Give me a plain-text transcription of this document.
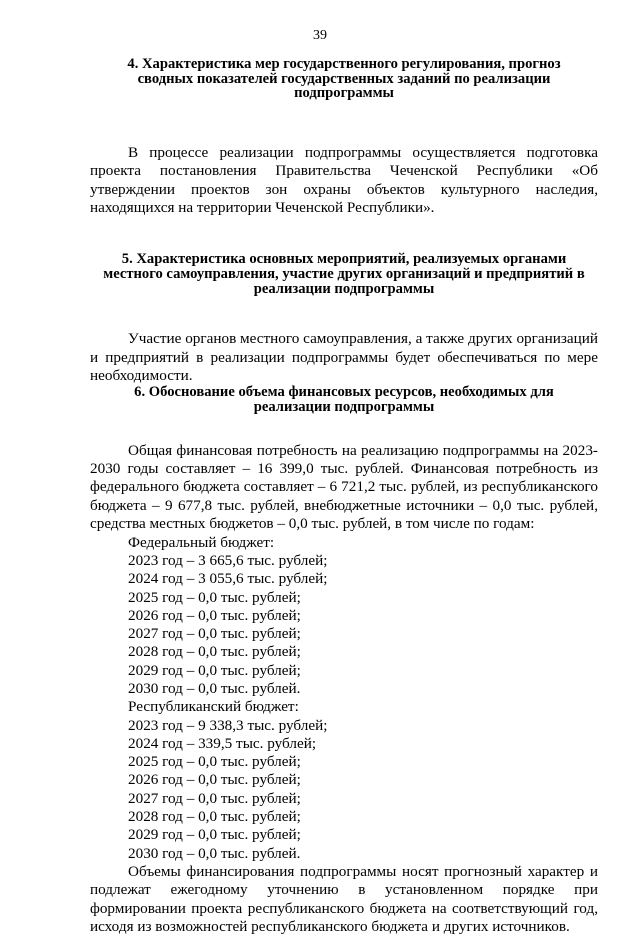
39
4. Характеристика мер государственного регулирования, прогноз сводных показателей государственных заданий по реализации подпрограммы

В процессе реализации подпрограммы осуществляется подготовка проекта постановления Правительства Чеченской Республики «Об утверждении проектов зон охраны объектов культурного наследия, находящихся на территории Чеченской Республики».

5. Характеристика основных мероприятий, реализуемых органами местного самоуправления, участие других организаций и предприятий в реализации подпрограммы

Участие органов местного самоуправления, а также других организаций и предприятий в реализации подпрограммы будет обеспечиваться по мере необходимости.

6. Обоснование объема финансовых ресурсов, необходимых для реализации подпрограммы

Общая финансовая потребность на реализацию подпрограммы на 2023-2030 годы составляет – 16 399,0 тыс. рублей. Финансовая потребность из федерального бюджета составляет – 6 721,2 тыс. рублей, из республиканского бюджета – 9 677,8 тыс. рублей, внебюджетные источники – 0,0 тыс. рублей, средства местных бюджетов – 0,0 тыс. рублей, в том числе по годам:

Федеральный бюджет:
2023 год – 3 665,6 тыс. рублей;
2024 год – 3 055,6 тыс. рублей;
2025 год – 0,0 тыс. рублей;
2026 год – 0,0 тыс. рублей;
2027 год – 0,0 тыс. рублей;
2028 год – 0,0 тыс. рублей;
2029 год – 0,0 тыс. рублей;
2030 год – 0,0 тыс. рублей.
Республиканский бюджет:
2023 год – 9 338,3 тыс. рублей;
2024 год – 339,5 тыс. рублей;
2025 год – 0,0 тыс. рублей;
2026 год – 0,0 тыс. рублей;
2027 год – 0,0 тыс. рублей;
2028 год – 0,0 тыс. рублей;
2029 год – 0,0 тыс. рублей;
2030 год – 0,0 тыс. рублей.

Объемы финансирования подпрограммы носят прогнозный характер и подлежат ежегодному уточнению в установленном порядке при формировании проекта республиканского бюджета на соответствующий год, исходя из возможностей республиканского бюджета и других источников.
